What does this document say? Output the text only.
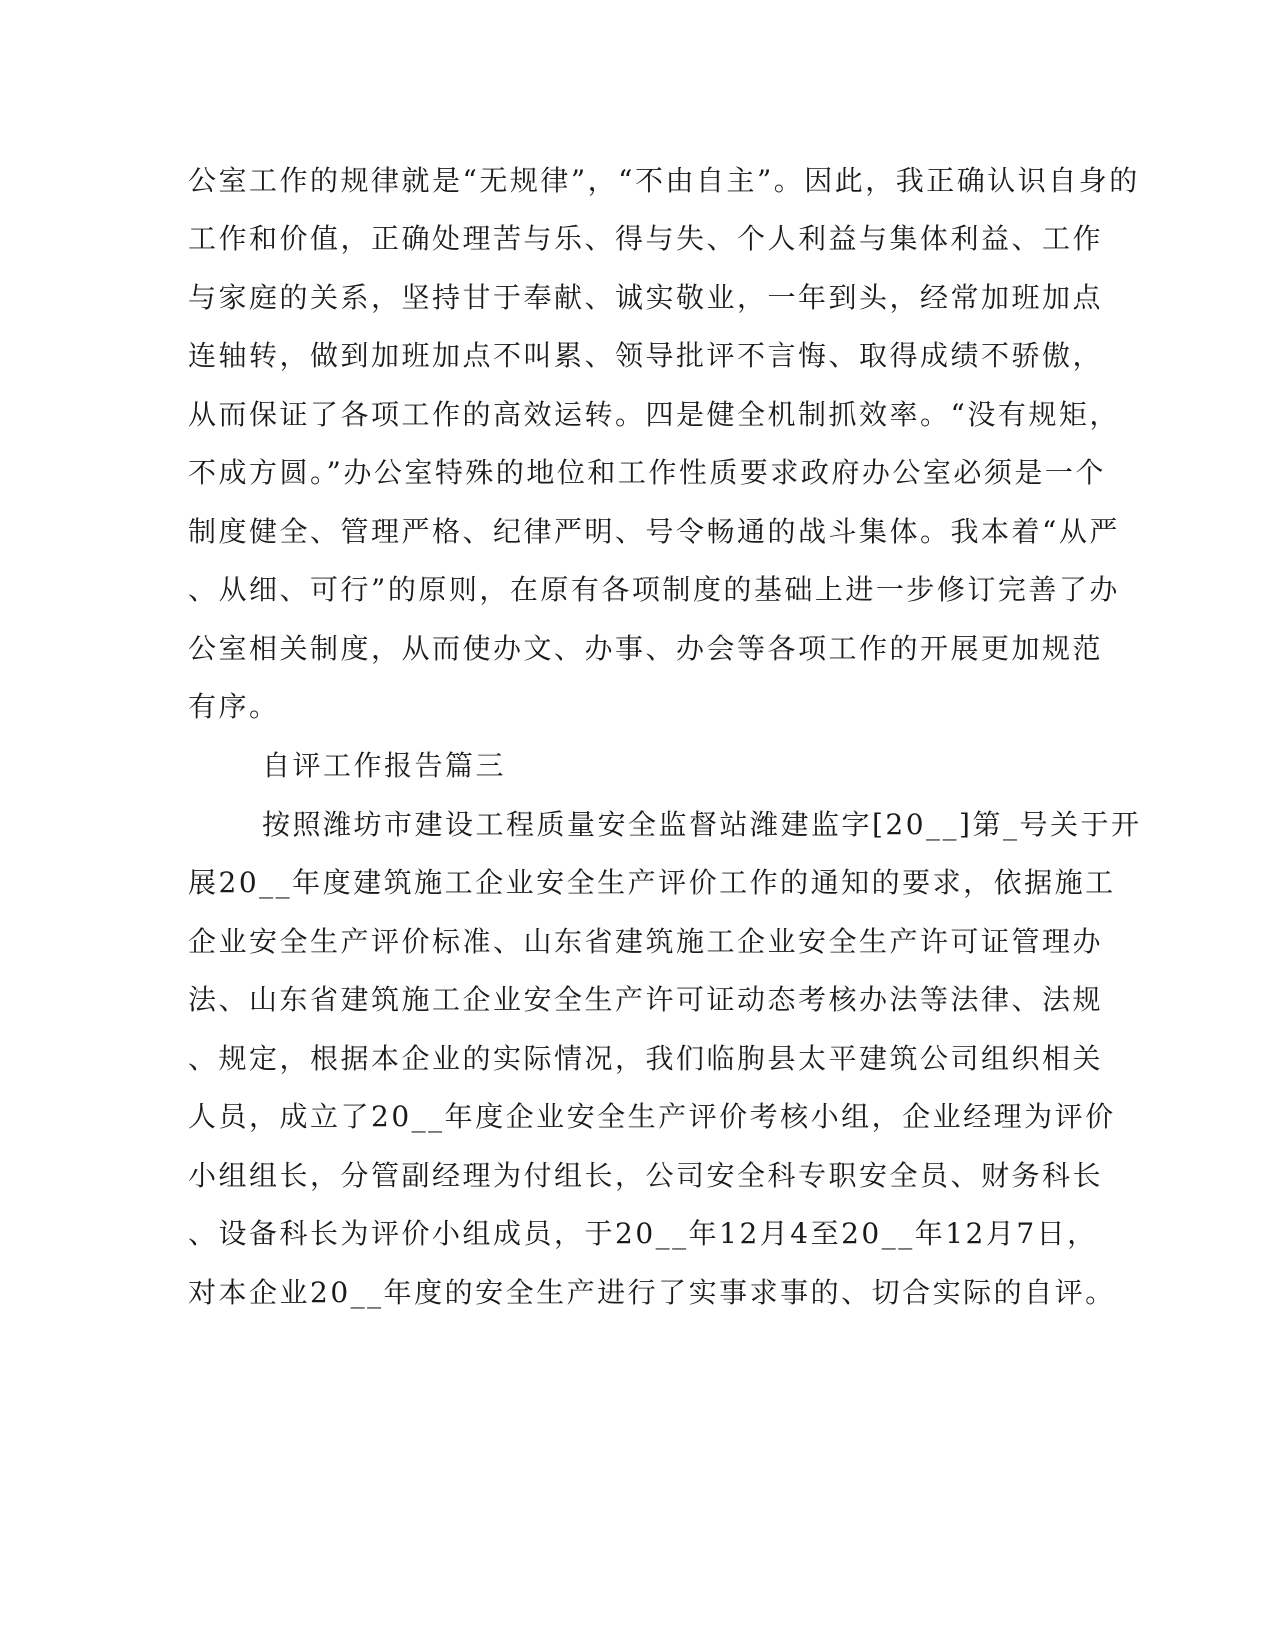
公室工作的规律就是“无规律”，“不由自主”。因此，我正确认识自身的
工作和价值，正确处理苦与乐、得与失、个人利益与集体利益、工作
与家庭的关系，坚持甘于奉献、诚实敬业，一年到头，经常加班加点
连轴转，做到加班加点不叫累、领导批评不言悔、取得成绩不骄傲，
从而保证了各项工作的高效运转。四是健全机制抓效率。“没有规矩，
不成方圆。”办公室特殊的地位和工作性质要求政府办公室必须是一个
制度健全、管理严格、纪律严明、号令畅通的战斗集体。我本着“从严
、从细、可行”的原则，在原有各项制度的基础上进一步修订完善了办
公室相关制度，从而使办文、办事、办会等各项工作的开展更加规范
有序。
自评工作报告篇三
按照潍坊市建设工程质量安全监督站潍建监字[20__]第_号关于开
展20__年度建筑施工企业安全生产评价工作的通知的要求，依据施工
企业安全生产评价标准、山东省建筑施工企业安全生产许可证管理办
法、山东省建筑施工企业安全生产许可证动态考核办法等法律、法规
、规定，根据本企业的实际情况，我们临朐县太平建筑公司组织相关
人员，成立了20__年度企业安全生产评价考核小组，企业经理为评价
小组组长，分管副经理为付组长，公司安全科专职安全员、财务科长
、设备科长为评价小组成员，于20__年12月4至20__年12月7日，
对本企业20__年度的安全生产进行了实事求事的、切合实际的自评。
